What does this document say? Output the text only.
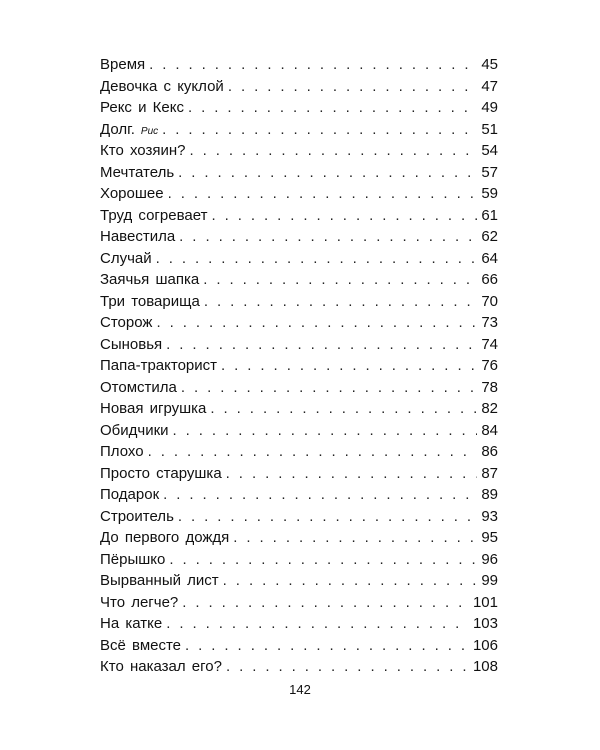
Время . . .	45
Девочка с куклой . . .	47
Рекс и Кекс . . .	49
Долг. Рис . . .	51
Кто хозяин? . . .	54
Мечтатель . . .	57
Хорошее . . .	59
Труд согревает . . .	61
Навестила . . .	62
Случай . . .	64
Заячья шапка . . .	66
Три товарища . . .	70
Сторож . . .	73
Сыновья . . .	74
Папа-тракторист . . .	76
Отомстила . . .	78
Новая игрушка . . .	82
Обидчики . . .	84
Плохо . . .	86
Просто старушка . . .	87
Подарок . . .	89
Строитель . . .	93
До первого дождя . . .	95
Пёрышко . . .	96
Вырванный лист . . .	99
Что легче? . . .	101
На катке . . .	103
Всё вместе . . .	106
Кто наказал его? . . .	108
142
